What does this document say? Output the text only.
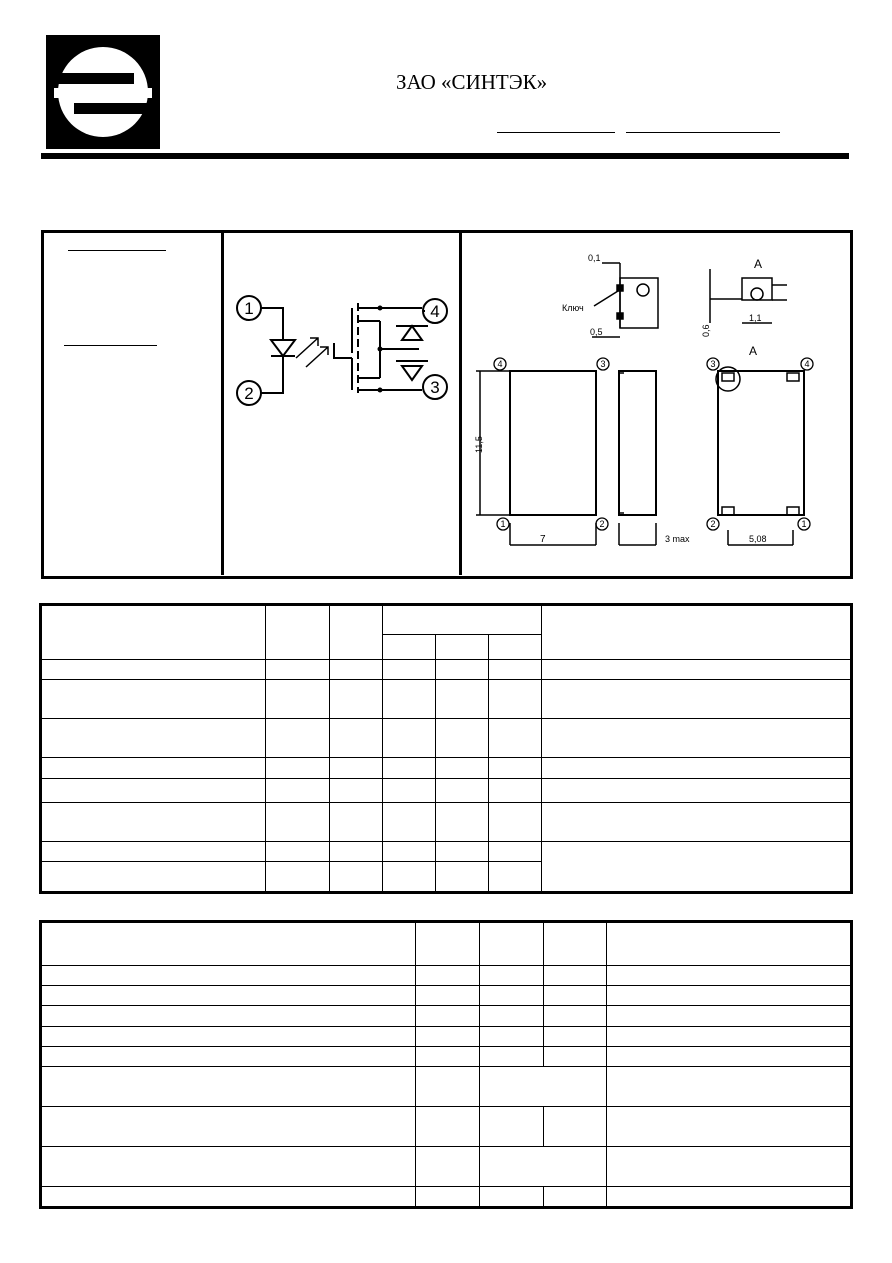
ЗАО «СИНТЭК»
1
2
4
3
4	3
1	2
3	4
2	1
0,1
Ключ
0,5
A
1,1
A
7	3 max	5,08
11,5
0,6
